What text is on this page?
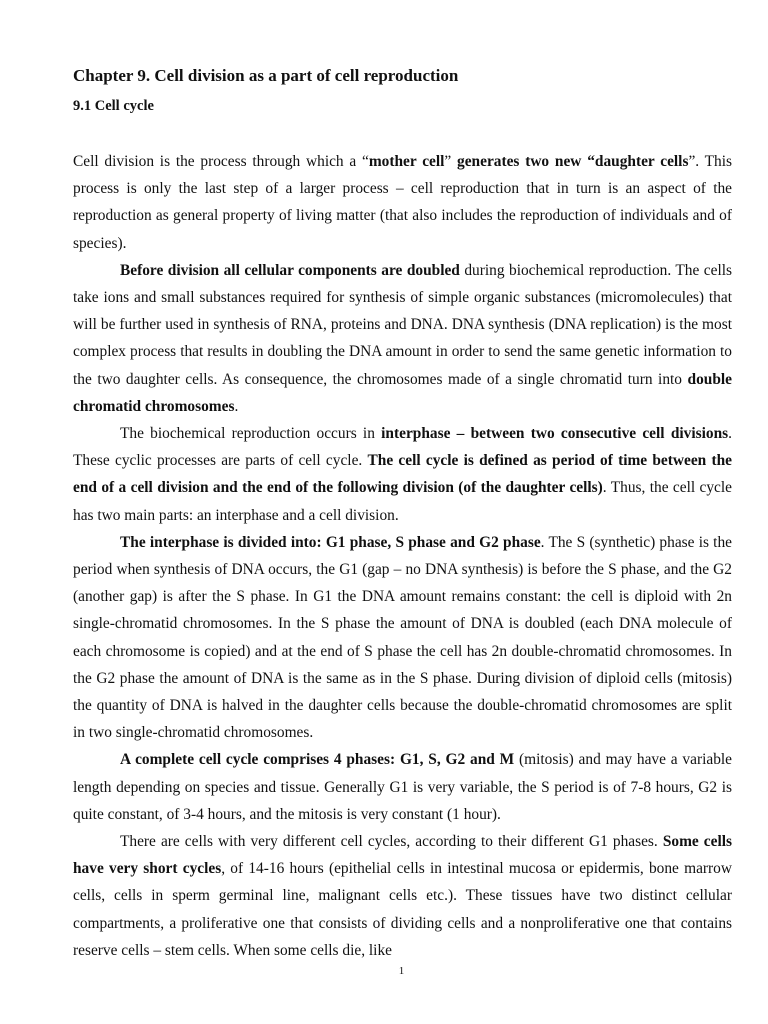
Chapter 9. Cell division as a part of cell reproduction
9.1 Cell cycle

Cell division is the process through which a “mother cell” generates two new “daughter cells”. This process is only the last step of a larger process – cell reproduction that in turn is an aspect of the reproduction as general property of living matter (that also includes the reproduction of individuals and of species).

Before division all cellular components are doubled during biochemical reproduction. The cells take ions and small substances required for synthesis of simple organic substances (micromolecules) that will be further used in synthesis of RNA, proteins and DNA. DNA synthesis (DNA replication) is the most complex process that results in doubling the DNA amount in order to send the same genetic information to the two daughter cells. As consequence, the chromosomes made of a single chromatid turn into double chromatid chromosomes.

The biochemical reproduction occurs in interphase – between two consecutive cell divisions. These cyclic processes are parts of cell cycle. The cell cycle is defined as period of time between the end of a cell division and the end of the following division (of the daughter cells). Thus, the cell cycle has two main parts: an interphase and a cell division.

The interphase is divided into: G1 phase, S phase and G2 phase. The S (synthetic) phase is the period when synthesis of DNA occurs, the G1 (gap – no DNA synthesis) is before the S phase, and the G2 (another gap) is after the S phase. In G1 the DNA amount remains constant: the cell is diploid with 2n single-chromatid chromosomes. In the S phase the amount of DNA is doubled (each DNA molecule of each chromosome is copied) and at the end of S phase the cell has 2n double-chromatid chromosomes. In the G2 phase the amount of DNA is the same as in the S phase. During division of diploid cells (mitosis) the quantity of DNA is halved in the daughter cells because the double-chromatid chromosomes are split in two single-chromatid chromosomes.

A complete cell cycle comprises 4 phases: G1, S, G2 and M (mitosis) and may have a variable length depending on species and tissue. Generally G1 is very variable, the S period is of 7-8 hours, G2 is quite constant, of 3-4 hours, and the mitosis is very constant (1 hour).

There are cells with very different cell cycles, according to their different G1 phases. Some cells have very short cycles, of 14-16 hours (epithelial cells in intestinal mucosa or epidermis, bone marrow cells, cells in sperm germinal line, malignant cells etc.). These tissues have two distinct cellular compartments, a proliferative one that consists of dividing cells and a nonproliferative one that contains reserve cells – stem cells. When some cells die, like

1
